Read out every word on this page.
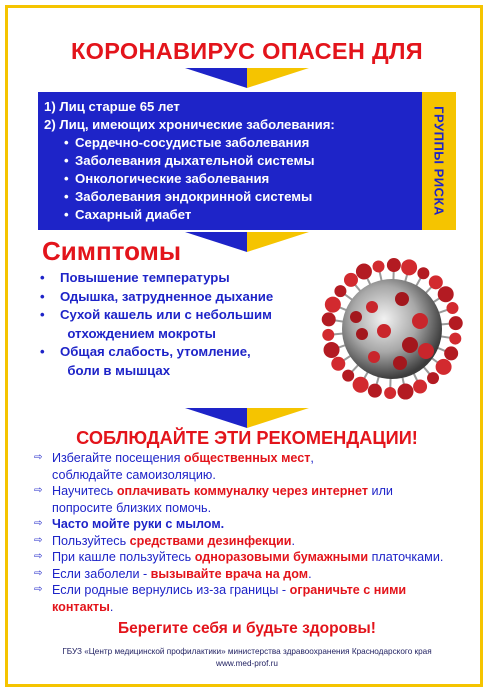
КОРОНАВИРУС ОПАСЕН ДЛЯ
1) Лиц старше 65 лет
2) Лиц, имеющих хронические заболевания:
• Сердечно-сосудистые заболевания
• Заболевания дыхательной системы
• Онкологические заболевания
• Заболевания эндокринной системы
• Сахарный диабет	ГРУППЫ РИСКА
Симптомы
• Повышение температуры
• Одышка, затрудненное дыхание
• Сухой кашель или с небольшим
отхождением мокроты
• Общая слабость, утомление,
боли в мышцах
СОБЛЮДАЙТЕ ЭТИ РЕКОМЕНДАЦИИ!
⇨ Избегайте посещения общественных мест,
соблюдайте самоизоляцию.
⇨ Научитесь оплачивать коммуналку через интернет или
попросите близких помочь.
⇨ Часто мойте руки с мылом.
⇨ Пользуйтесь средствами дезинфекции.
⇨ При кашле пользуйтесь одноразовыми бумажными платочками.
⇨ Если заболели - вызывайте врача на дом.
⇨ Если родные вернулись из-за границы - ограничьте с ними
контакты.
Берегите себя и будьте здоровы!
ГБУЗ «Центр медицинской профилактики» министерства здравоохранения Краснодарского края
www.med-prof.ru
